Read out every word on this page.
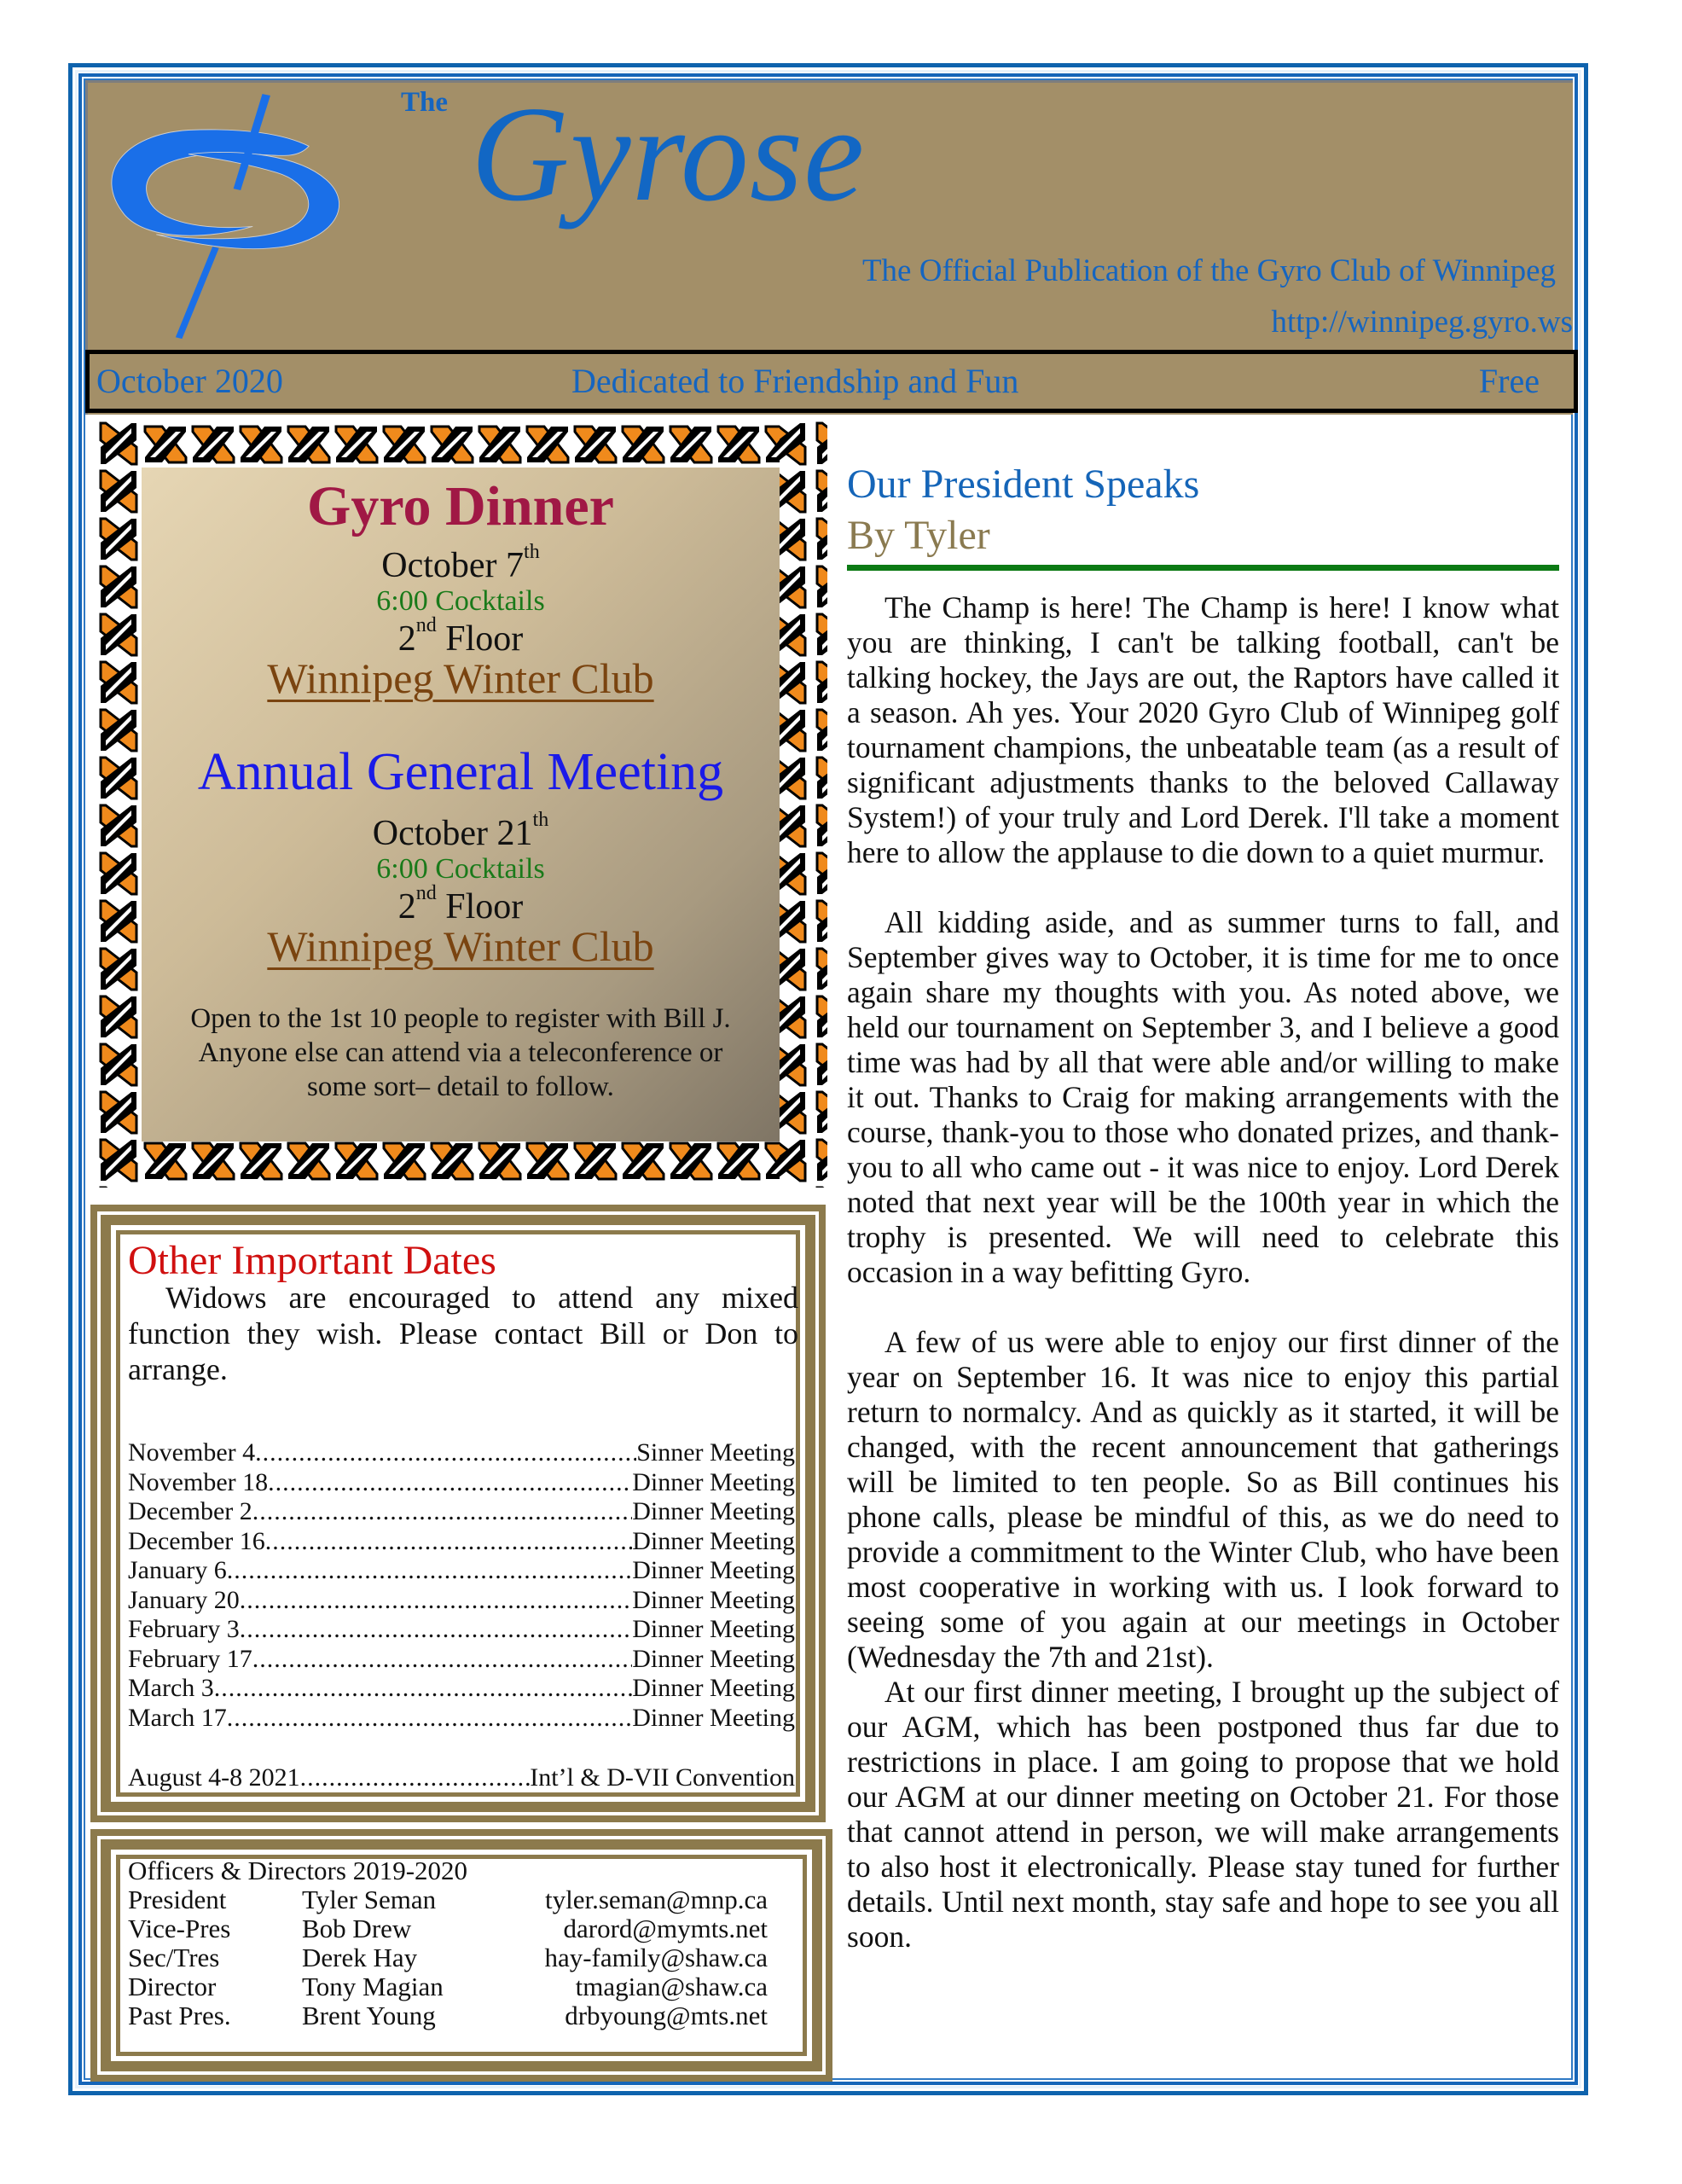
The Gyrose
The Official Publication of the Gyro Club of Winnipeg
http://winnipeg.gyro.ws
October 2020	Dedicated to Friendship and Fun	Free
Gyro Dinner
October 7th
6:00 Cocktails
2nd Floor
Winnipeg Winter Club
Annual General Meeting
October 21th
6:00 Cocktails
2nd Floor
Winnipeg Winter Club
Open to the 1st 10 people to register with Bill J.
Anyone else can attend via a teleconference or
some sort– detail to follow.
Other Important Dates
Widows are encouraged to attend any mixed function they wish. Please contact Bill or Don to arrange.
November 4 .....	Sinner Meeting
November 18 .....	Dinner Meeting
December 2 .....	Dinner Meeting
December 16 .....	Dinner Meeting
January 6 .....	Dinner Meeting
January 20 .....	Dinner Meeting
February 3 .....	Dinner Meeting
February 17 .....	Dinner Meeting
March 3 .....	Dinner Meeting
March 17 .....	Dinner Meeting
August 4-8 2021 .....	Int’l & D-VII Convention
Officers & Directors 2019-2020
President	Tyler Seman	tyler.seman@mnp.ca
Vice-Pres	Bob Drew	darord@mymts.net
Sec/Tres	Derek Hay	hay-family@shaw.ca
Director	Tony Magian	tmagian@shaw.ca
Past Pres.	Brent Young	drbyoung@mts.net
Our President Speaks
By Tyler

The Champ is here! The Champ is here! I know what you are thinking, I can't be talking football, can't be talking hockey, the Jays are out, the Raptors have called it a season. Ah yes. Your 2020 Gyro Club of Winnipeg golf tournament champions, the unbeatable team (as a result of significant adjustments thanks to the beloved Callaway System!) of your truly and Lord Derek. I'll take a moment here to allow the applause to die down to a quiet murmur.

All kidding aside, and as summer turns to fall, and September gives way to October, it is time for me to once again share my thoughts with you. As noted above, we held our tournament on September 3, and I believe a good time was had by all that were able and/or willing to make it out. Thanks to Craig for making arrangements with the course, thank-you to those who donated prizes, and thank-you to all who came out - it was nice to enjoy. Lord Derek noted that next year will be the 100th year in which the trophy is presented. We will need to celebrate this occasion in a way befitting Gyro.

A few of us were able to enjoy our first dinner of the year on September 16. It was nice to enjoy this partial return to normalcy. And as quickly as it started, it will be changed, with the recent announcement that gatherings will be limited to ten people. So as Bill continues his phone calls, please be mindful of this, as we do need to provide a commitment to the Winter Club, who have been most cooperative in working with us. I look forward to seeing some of you again at our meetings in October (Wednesday the 7th and 21st).

At our first dinner meeting, I brought up the subject of our AGM, which has been postponed thus far due to restrictions in place. I am going to propose that we hold our AGM at our dinner meeting on October 21. For those that cannot attend in person, we will make arrangements to also host it electronically. Please stay tuned for further details. Until next month, stay safe and hope to see you all soon.
